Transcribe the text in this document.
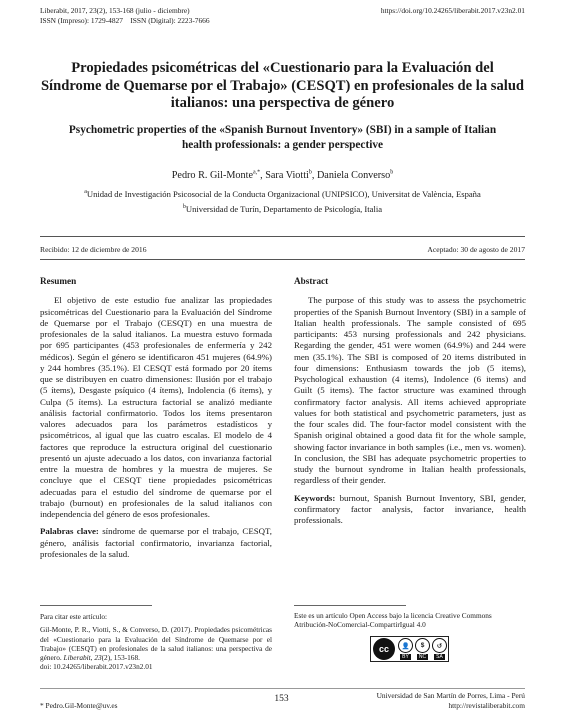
Liberabit, 2017, 23(2), 153-168 (julio - diciembre)
ISSN (Impreso): 1729-4827 ISSN (Digital): 2223-7666
https://doi.org/10.24265/liberabit.2017.v23n2.01
Propiedades psicométricas del «Cuestionario para la Evaluación del Síndrome de Quemarse por el Trabajo» (CESQT) en profesionales de la salud italianos: una perspectiva de género
Psychometric properties of the «Spanish Burnout Inventory» (SBI) in a sample of Italian health professionals: a gender perspective
Pedro R. Gil-Monte$^{a,*}$, Sara Viotti$^b$, Daniela Converso$^b$
$^a$Unidad de Investigación Psicosocial de la Conducta Organizacional (UNIPSICO), Universitat de València, España
$^b$Universidad de Turín, Departamento de Psicología, Italia
Recibido: 12 de diciembre de 2016	Aceptado: 30 de agosto de 2017
Resumen

El objetivo de este estudio fue analizar las propiedades psicométricas del Cuestionario para la Evaluación del Síndrome de Quemarse por el Trabajo (CESQT) en una muestra de profesionales de la salud italianos. La muestra estuvo formada por 695 participantes (453 profesionales de enfermería y 242 médicos). Según el género se identificaron 451 mujeres (64.9%) y 244 hombres (35.1%). El CESQT está formado por 20 ítems que se distribuyen en cuatro dimensiones: Ilusión por el trabajo (5 ítems), Desgaste psíquico (4 ítems), Indolencia (6 ítems), y Culpa (5 ítems). La estructura factorial se analizó mediante análisis factorial confirmatorio. Todos los ítems presentaron valores adecuados para los parámetros estadísticos y psicométricos, al igual que las cuatro escalas. El modelo de 4 factores que reproduce la estructura original del cuestionario presentó un ajuste adecuado a los datos, con invarianza factorial entre la muestra de hombres y la muestra de mujeres. Se concluye que el CESQT tiene propiedades psicométricas adecuadas para el estudio del síndrome de quemarse por el trabajo (burnout) en profesionales de la salud italianos con independencia del género de esos profesionales.

Palabras clave: síndrome de quemarse por el trabajo, CESQT, género, análisis factorial confirmatorio, invarianza factorial, profesionales de la salud.
Abstract

The purpose of this study was to assess the psychometric properties of the Spanish Burnout Inventory (SBI) in a sample of Italian health professionals. The sample consisted of 695 participants: 453 nursing professionals and 242 physicians. Regarding the gender, 451 were women (64.9%) and 244 were men (35.1%). The SBI is composed of 20 items distributed in four dimensions: Enthusiasm towards the job (5 items), Psychological exhaustion (4 items), Indolence (6 items) and Guilt (5 items). The factor structure was examined through confirmatory factor analysis. All items achieved appropriate values for both statistical and psychometric parameters, just as the four scales did. The four-factor model consistent with the Spanish original obtained a good data fit for the whole sample, showing factor invariance in both samples (i.e., men vs. women). In conclusion, the SBI has adequate psychometric properties to study the burnout syndrome in Italian health professionals, regardless of their gender.

Keywords: burnout, Spanish Burnout Inventory, SBI, gender, confirmatory factor analysis, factor invariance, health professionals.
Para citar este artículo:
Gil-Monte, P. R., Viotti, S., & Converso, D. (2017). Propiedades psicométricas del «Cuestionario para la Evaluación del Síndrome de Quemarse por el Trabajo» (CESQT) en profesionales de la salud italianos: una perspectiva de género. Liberabit, 23(2), 153-168.
doi: 10.24265/liberabit.2017.v23n2.01
Este es un artículo Open Access bajo la licencia Creative Commons Atribución-NoComercial-CompartirIgual 4.0
cc	👤
BY
$
NC
↺
SA
* Pedro.Gil-Monte@uv.es
153	Universidad de San Martín de Porres, Lima - Perú
http://revistaliberabit.com
